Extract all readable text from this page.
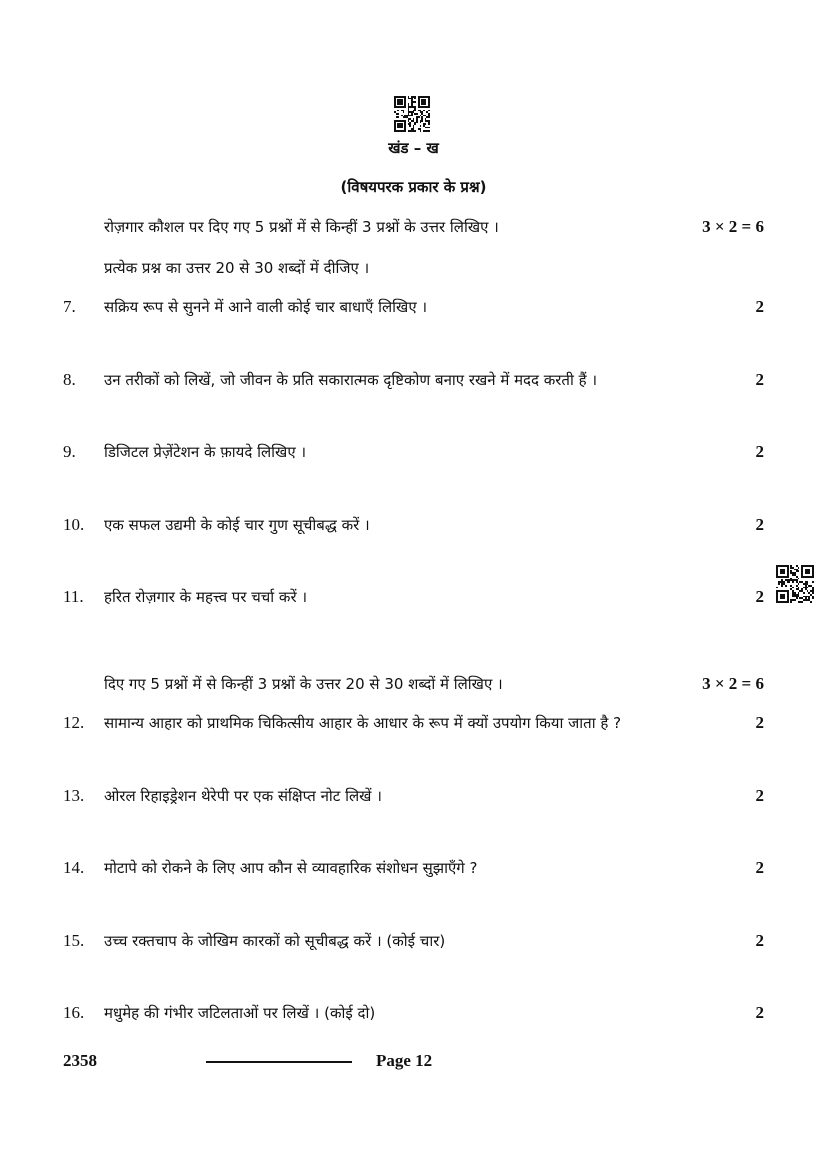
खंड – ख
(विषयपरक प्रकार के प्रश्न)
रोज़गार कौशल पर दिए गए 5 प्रश्नों में से किन्हीं 3 प्रश्नों के उत्तर लिखिए ।	3 × 2 = 6
प्रत्येक प्रश्न का उत्तर 20 से 30 शब्दों में दीजिए ।
7. सक्रिय रूप से सुनने में आने वाली कोई चार बाधाएँ लिखिए ।	2
8. उन तरीकों को लिखें, जो जीवन के प्रति सकारात्मक दृष्टिकोण बनाए रखने में मदद करती हैं ।	2
9. डिजिटल प्रेज़ेंटेशन के फ़ायदे लिखिए ।	2
10. एक सफल उद्यमी के कोई चार गुण सूचीबद्ध करें ।	2
11. हरित रोज़गार के महत्त्व पर चर्चा करें ।	2
दिए गए 5 प्रश्नों में से किन्हीं 3 प्रश्नों के उत्तर 20 से 30 शब्दों में लिखिए ।	3 × 2 = 6
12. सामान्य आहार को प्राथमिक चिकित्सीय आहार के आधार के रूप में क्यों उपयोग किया जाता है ?	2
13. ओरल रिहाइड्रेशन थेरेपी पर एक संक्षिप्त नोट लिखें ।	2
14. मोटापे को रोकने के लिए आप कौन से व्यावहारिक संशोधन सुझाएँगे ?	2
15. उच्च रक्तचाप के जोखिम कारकों को सूचीबद्ध करें । (कोई चार)	2
16. मधुमेह की गंभीर जटिलताओं पर लिखें । (कोई दो)	2
2358	Page 12
